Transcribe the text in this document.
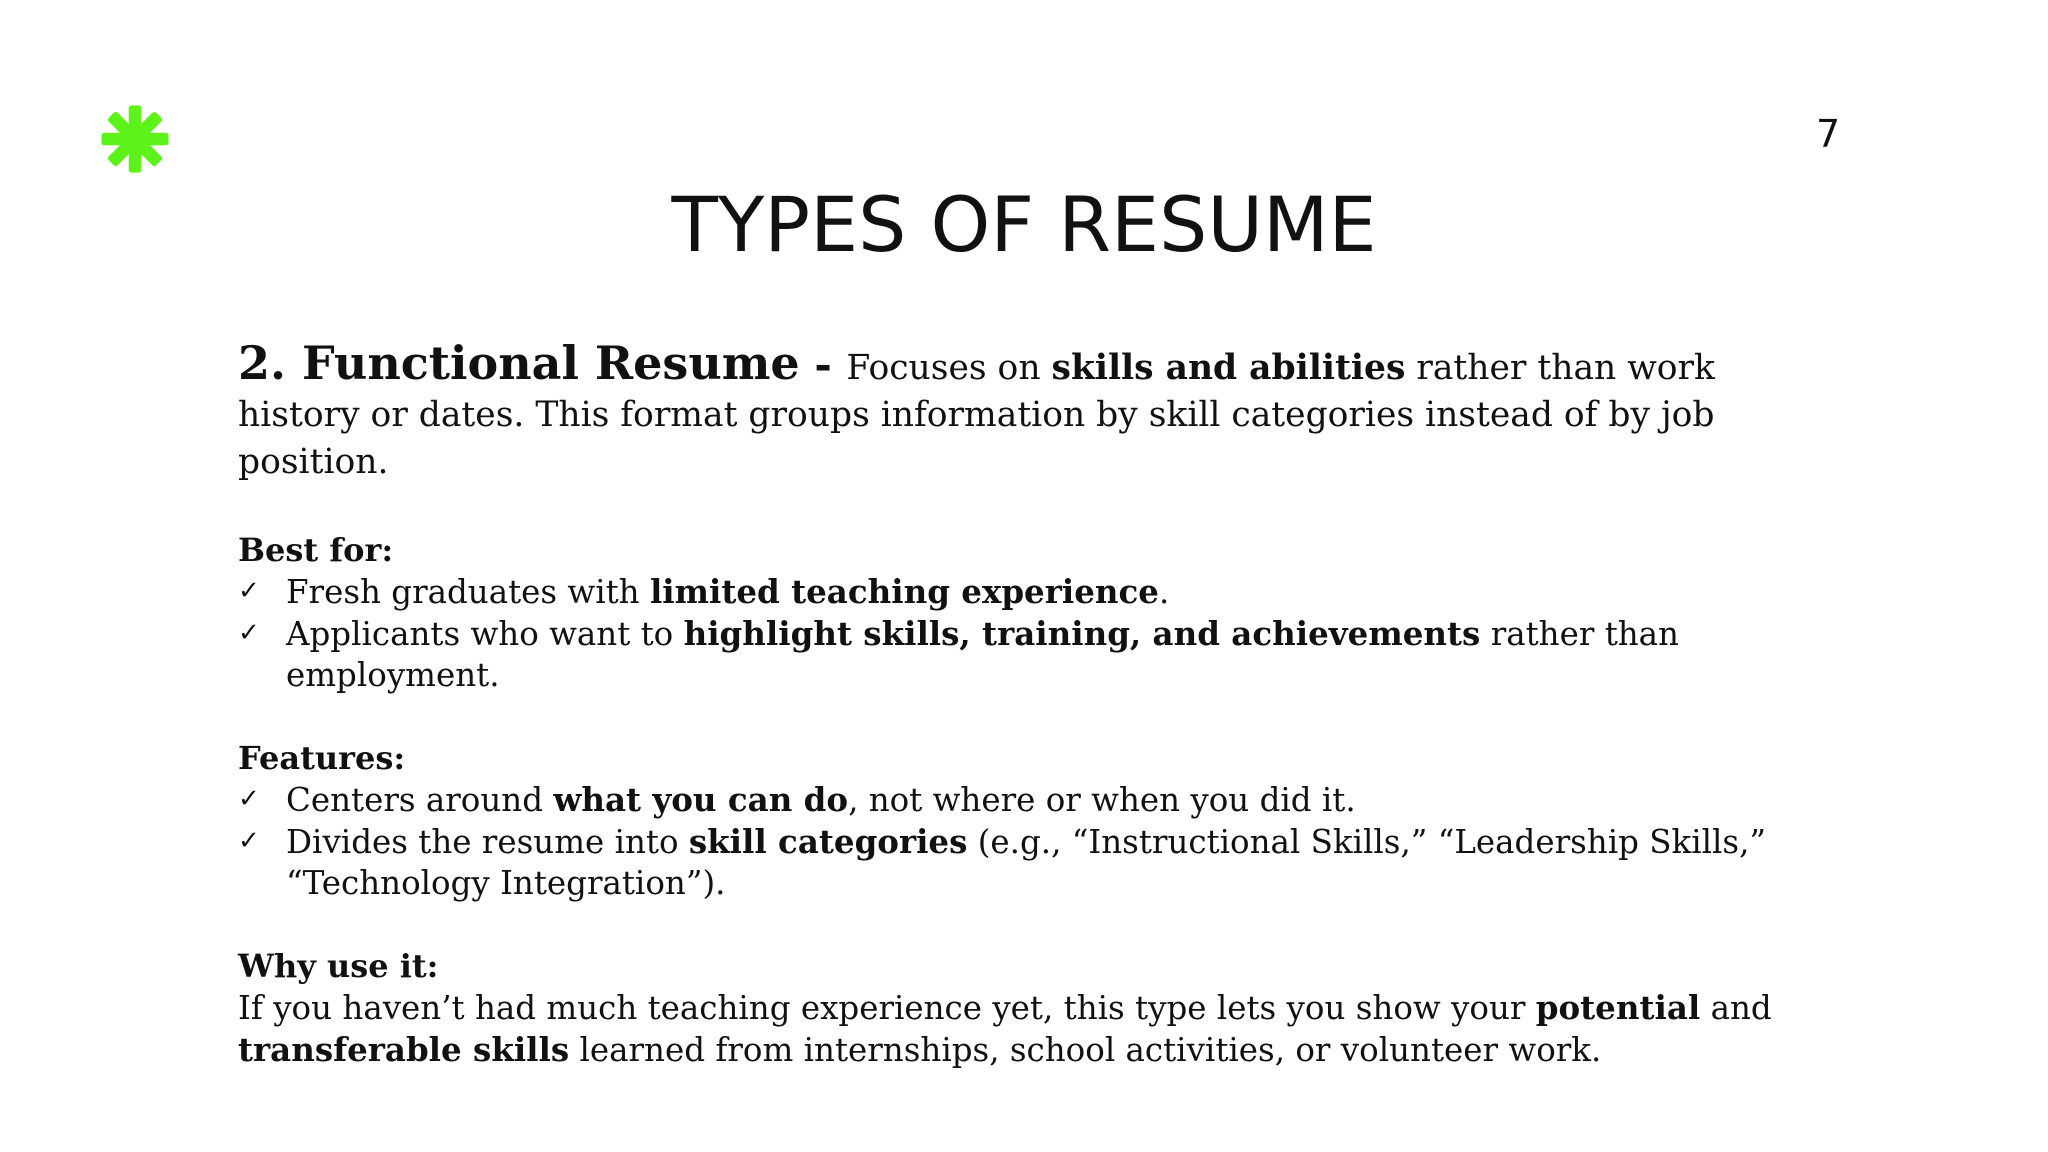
7
TYPES OF RESUME

2. Functional Resume - Focuses on skills and abilities rather than work history or dates. This format groups information by skill categories instead of by job position.

Best for:

✓ Fresh graduates with limited teaching experience.
✓ Applicants who want to highlight skills, training, and achievements rather than employment.

Features:

✓ Centers around what you can do, not where or when you did it.
✓ Divides the resume into skill categories (e.g., “Instructional Skills,” “Leadership Skills,” “Technology Integration”).

Why use it:

If you haven’t had much teaching experience yet, this type lets you show your potential and transferable skills learned from internships, school activities, or volunteer work.
